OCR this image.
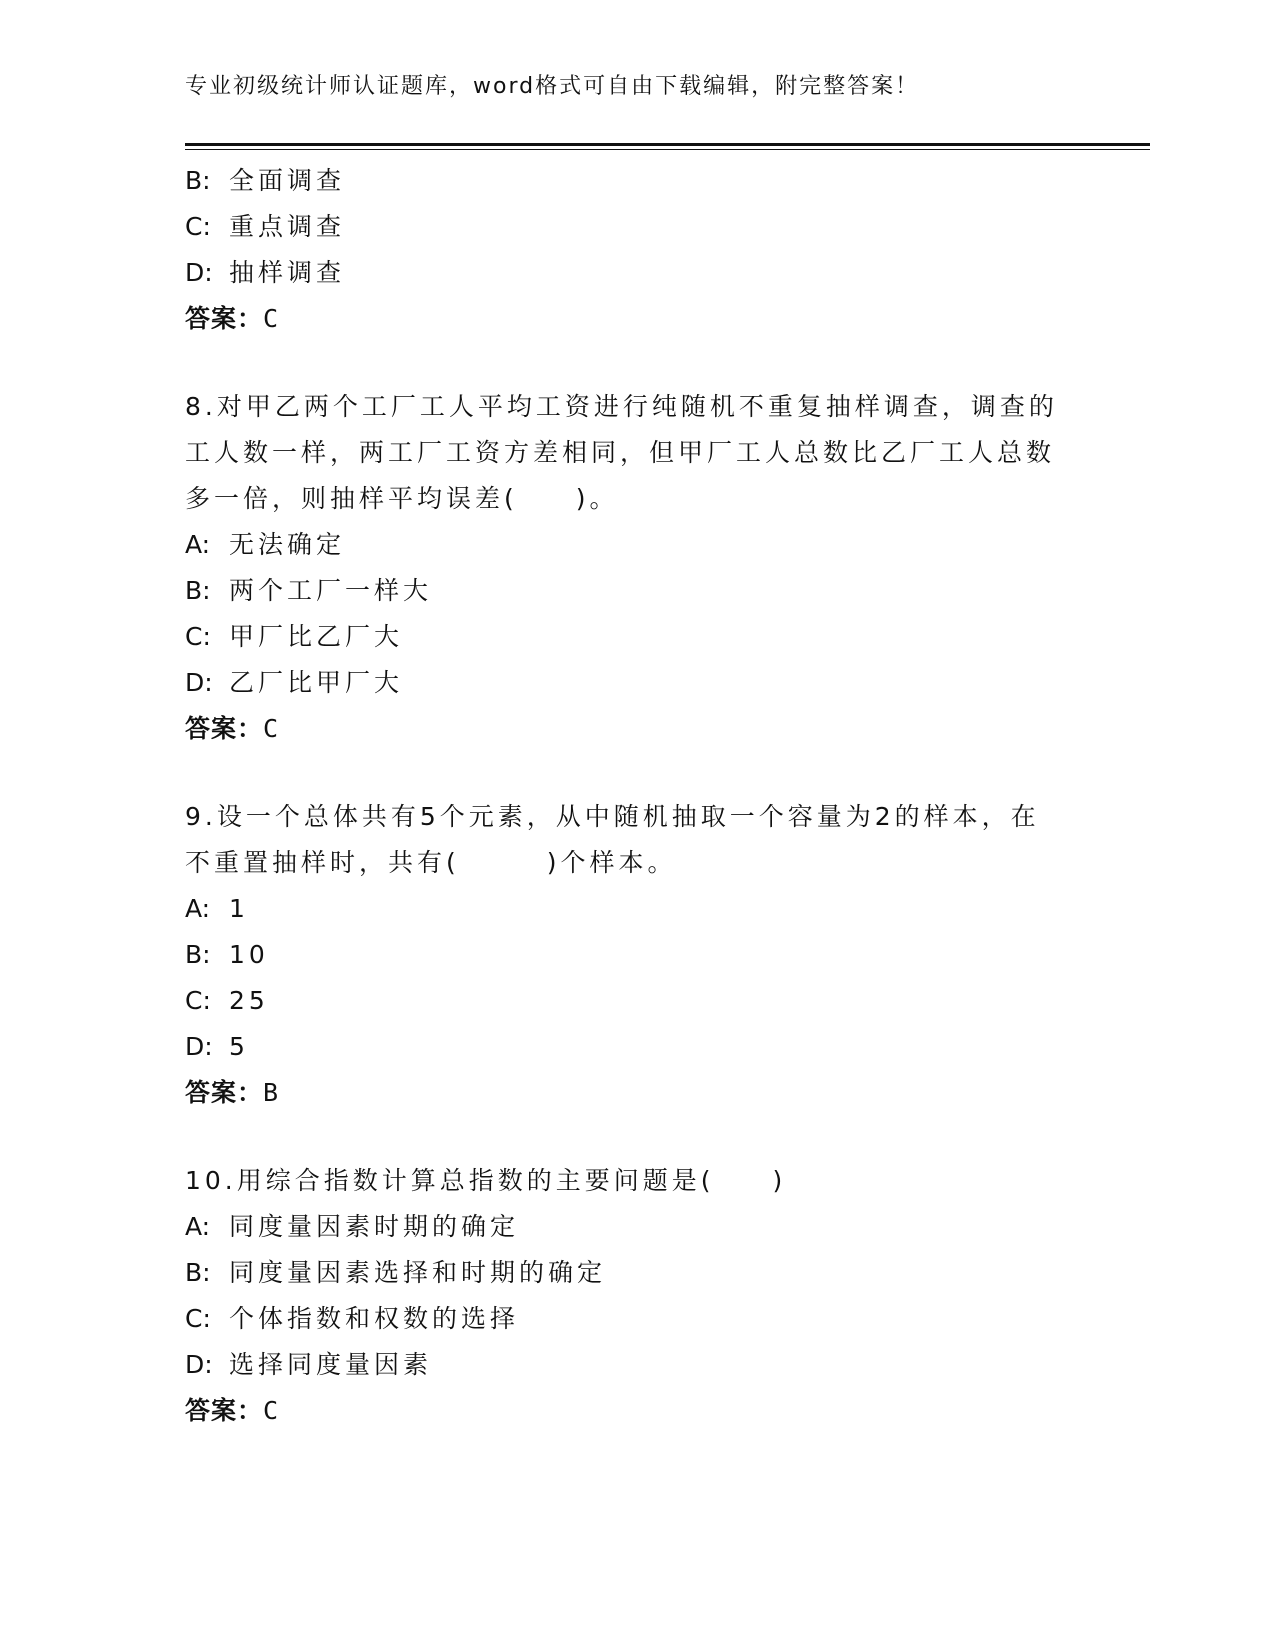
专业初级统计师认证题库，word格式可自由下载编辑，附完整答案！
B: 全面调查
C: 重点调查
D: 抽样调查
答案：C
8.对甲乙两个工厂工人平均工资进行纯随机不重复抽样调查，调查的
工人数一样，两工厂工资方差相同，但甲厂工人总数比乙厂工人总数
多一倍，则抽样平均误差(　　)。
A: 无法确定
B: 两个工厂一样大
C: 甲厂比乙厂大
D: 乙厂比甲厂大
答案：C
9.设一个总体共有5个元素，从中随机抽取一个容量为2的样本，在
不重置抽样时，共有(　　　)个样本。
A: 1
B: 10
C: 25
D: 5
答案：B
10.用综合指数计算总指数的主要问题是(　　)
A: 同度量因素时期的确定
B: 同度量因素选择和时期的确定
C: 个体指数和权数的选择
D: 选择同度量因素
答案：C
